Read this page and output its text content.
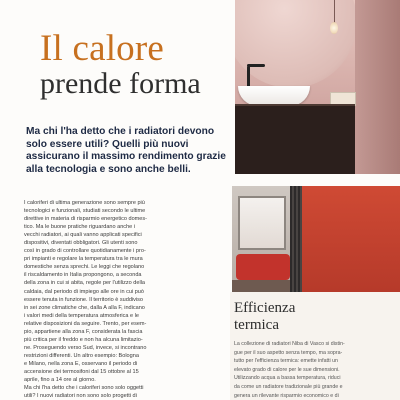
Il calore
prende forma
Ma chi l'ha detto che i radiatori devono
solo essere utili? Quelli più nuovi
assicurano il massimo rendimento grazie
alla tecnologia e sono anche belli.
I caloriferi di ultima generazione sono sempre più
tecnologici e funzionali, studiati secondo le ultime
direttive in materia di risparmio energetico domes-
tico. Ma le buone pratiche riguardano anche i
vecchi radiatori, ai quali vanno applicati specifici
dispositivi, diventati obbligatori. Gli utenti sono
così in grado di controllare quotidianamente i pro-
pri impianti e regolare la temperatura tra le mura
domestiche senza sprechi. Le leggi che regolano
il riscaldamento in Italia propongono, a seconda
della zona in cui si abita, regole per l'utilizzo della
caldaia, dal periodo di impiego alle ore in cui può
essere tenuta in funzione. Il territorio è suddiviso
in sei zone climatiche che, dalla A alla F, indicano
i valori medi della temperatura atmosferica e le
relative disposizioni da seguire. Trento, per esem-
pio, appartiene alla zona F, considerata la fascia
più critica per il freddo e non ha alcuna limitazio-
ne. Proseguendo verso Sud, invece, si incontrano
restrizioni differenti. Un altro esempio: Bologna
e Milano, nella zona E, osservano il periodo di
accensione dei termosifoni dal 15 ottobre al 15
aprile, fino a 14 ore al giorno.
Ma chi l'ha detto che i caloriferi sono solo oggetti
utili? I nuovi radiatori non sono solo progetti di
Efficienza
termica
La collezione di radiatori Niba di Vasco si distin-
gue per il suo aspetto senza tempo, ma sopra-
tutto per l'efficienza termica: emette infatti un
elevato grado di calore per le sue dimensioni.
Utilizzando acqua a bassa temperatura, riduci
da come un radiatore tradizionale più grande e
genera un rilevante risparmio economico e di
